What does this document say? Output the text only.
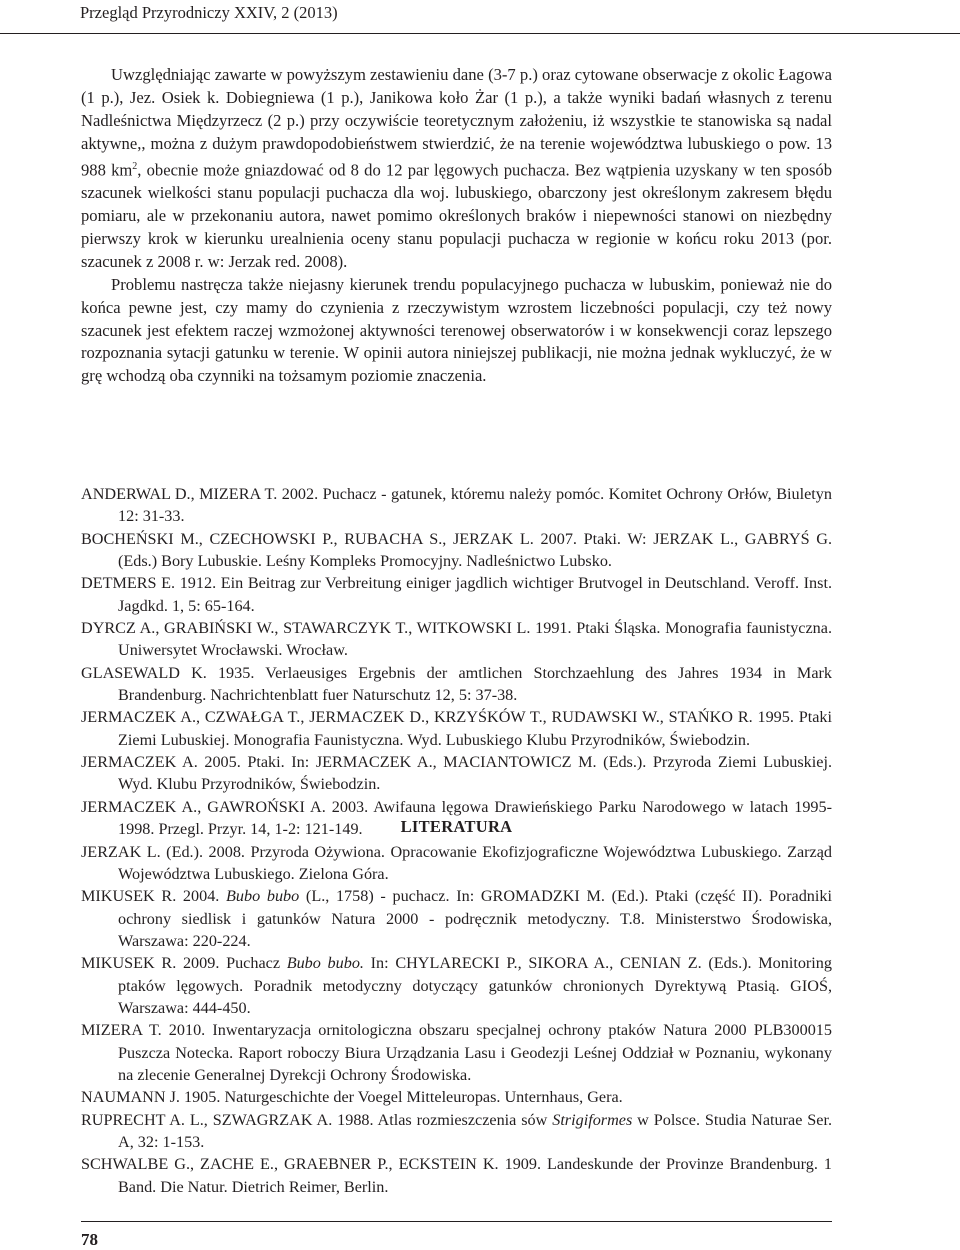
Przegląd Przyrodniczy XXIV, 2 (2013)

Uwzględniając zawarte w powyższym zestawieniu dane (3-7 p.) oraz cytowane obserwacje z okolic Łagowa (1 p.), Jez. Osiek k. Dobiegniewa (1 p.), Janikowa koło Żar (1 p.), a także wyniki badań własnych z terenu Nadleśnictwa Międzyrzecz (2 p.) przy oczywiście teoretycznym założeniu, iż wszystkie te stanowiska są nadal aktywne,, można z dużym prawdopodobieństwem stwierdzić, że na terenie województwa lubuskiego o pow. 13 988 $km^2$, obecnie może gniazdować od 8 do 12 par lęgowych puchacza. Bez wątpienia uzyskany w ten sposób szacunek wielkości stanu populacji puchacza dla woj. lubuskiego, obarczony jest określonym zakresem błędu pomiaru, ale w przekonaniu autora, nawet pomimo określonych braków i niepewności stanowi on niezbędny pierwszy krok w kierunku urealnienia oceny stanu populacji puchacza w regionie w końcu roku 2013 (por. szacunek z 2008 r. w: Jerzak red. 2008).

Problemu nastręcza także niejasny kierunek trendu populacyjnego puchacza w lubuskim, ponieważ nie do końca pewne jest, czy mamy do czynienia z rzeczywistym wzrostem liczebności populacji, czy też nowy szacunek jest efektem raczej wzmożonej aktywności terenowej obserwatorów i w konsekwencji coraz lepszego rozpoznania sytacji gatunku w terenie. W opinii autora niniejszej publikacji, nie można jednak wykluczyć, że w grę wchodzą oba czynniki na tożsamym poziomie znaczenia.

LITERATURA

ANDERWAL D., MIZERA T. 2002. Puchacz - gatunek, któremu należy pomóc. Komitet Ochrony Orłów, Biuletyn 12: 31-33.

BOCHEŃSKI M., CZECHOWSKI P., RUBACHA S., JERZAK L. 2007. Ptaki. W: JERZAK L., GABRYŚ G. (Eds.) Bory Lubuskie. Leśny Kompleks Promocyjny. Nadleśnictwo Lubsko.

DETMERS E. 1912. Ein Beitrag zur Verbreitung einiger jagdlich wichtiger Brutvogel in Deutschland. Veroff. Inst. Jagdkd. 1, 5: 65-164.

DYRCZ A., GRABIŃSKI W., STAWARCZYK T., WITKOWSKI L. 1991. Ptaki Śląska. Monografia faunistyczna. Uniwersytet Wrocławski. Wrocław.

GLASEWALD K. 1935. Verlaeusiges Ergebnis der amtlichen Storchzaehlung des Jahres 1934 in Mark Brandenburg. Nachrichtenblatt fuer Naturschutz 12, 5: 37-38.

JERMACZEK A., CZWAŁGA T., JERMACZEK D., KRZYŚKÓW T., RUDAWSKI W., STAŃKO R. 1995. Ptaki Ziemi Lubuskiej. Monografia Faunistyczna. Wyd. Lubuskiego Klubu Przyrodników, Świebodzin.

JERMACZEK A. 2005. Ptaki. In: JERMACZEK A., MACIANTOWICZ M. (Eds.). Przyroda Ziemi Lubuskiej. Wyd. Klubu Przyrodników, Świebodzin.

JERMACZEK A., GAWROŃSKI A. 2003. Awifauna lęgowa Drawieńskiego Parku Narodowego w latach 1995-1998. Przegl. Przyr. 14, 1-2: 121-149.

JERZAK L. (Ed.). 2008. Przyroda Ożywiona. Opracowanie Ekofizjograficzne Województwa Lubuskiego. Zarząd Województwa Lubuskiego. Zielona Góra.

MIKUSEK R. 2004. Bubo bubo (L., 1758) - puchacz. In: GROMADZKI M. (Ed.). Ptaki (część II). Poradniki ochrony siedlisk i gatunków Natura 2000 - podręcznik metodyczny. T.8. Ministerstwo Środowiska, Warszawa: 220-224.

MIKUSEK R. 2009. Puchacz Bubo bubo. In: CHYLARECKI P., SIKORA A., CENIAN Z. (Eds.). Monitoring ptaków lęgowych. Poradnik metodyczny dotyczący gatunków chronionych Dyrektywą Ptasią. GIOŚ, Warszawa: 444-450.

MIZERA T. 2010. Inwentaryzacja ornitologiczna obszaru specjalnej ochrony ptaków Natura 2000 PLB300015 Puszcza Notecka. Raport roboczy Biura Urządzania Lasu i Geodezji Leśnej Oddział w Poznaniu, wykonany na zlecenie Generalnej Dyrekcji Ochrony Środowiska.

NAUMANN J. 1905. Naturgeschichte der Voegel Mitteleuropas. Unternhaus, Gera.

RUPRECHT A. L., SZWAGRZAK A. 1988. Atlas rozmieszczenia sów Strigiformes w Polsce. Studia Naturae Ser. A, 32: 1-153.

SCHWALBE G., ZACHE E., GRAEBNER P., ECKSTEIN K. 1909. Landeskunde der Provinze Brandenburg. 1 Band. Die Natur. Dietrich Reimer, Berlin.

78
